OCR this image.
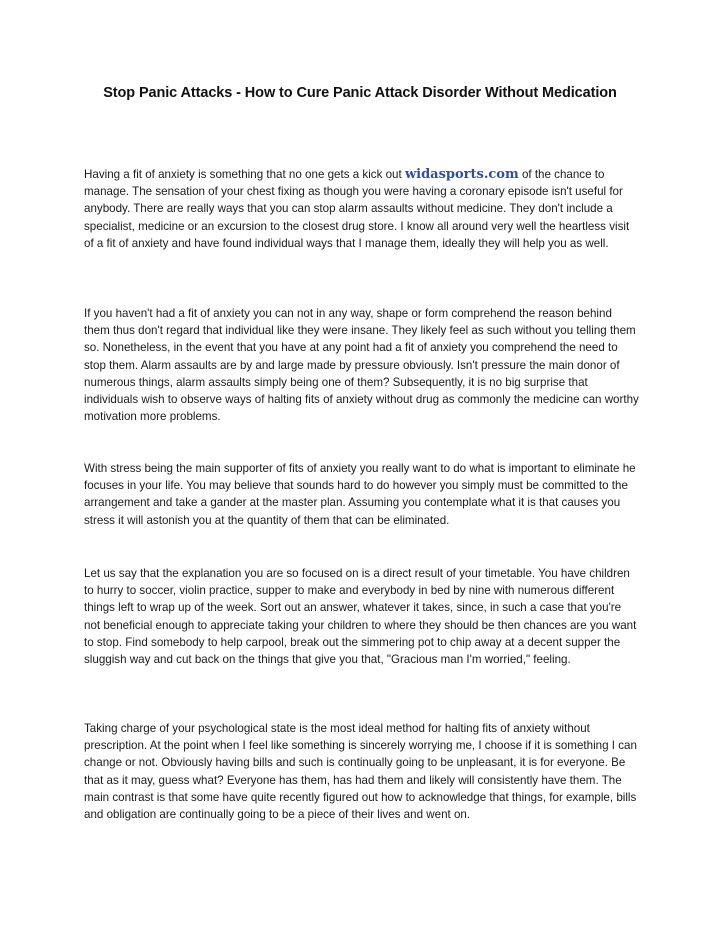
Stop Panic Attacks - How to Cure Panic Attack Disorder Without Medication

Having a fit of anxiety is something that no one gets a kick out widasports.com of the chance to manage. The sensation of your chest fixing as though you were having a coronary episode isn't useful for anybody. There are really ways that you can stop alarm assaults without medicine. They don't include a specialist, medicine or an excursion to the closest drug store. I know all around very well the heartless visit of a fit of anxiety and have found individual ways that I manage them, ideally they will help you as well.

If you haven't had a fit of anxiety you can not in any way, shape or form comprehend the reason behind them thus don't regard that individual like they were insane. They likely feel as such without you telling them so. Nonetheless, in the event that you have at any point had a fit of anxiety you comprehend the need to stop them. Alarm assaults are by and large made by pressure obviously. Isn't pressure the main donor of numerous things, alarm assaults simply being one of them? Subsequently, it is no big surprise that individuals wish to observe ways of halting fits of anxiety without drug as commonly the medicine can worthy motivation more problems.

With stress being the main supporter of fits of anxiety you really want to do what is important to eliminate he focuses in your life. You may believe that sounds hard to do however you simply must be committed to the arrangement and take a gander at the master plan. Assuming you contemplate what it is that causes you stress it will astonish you at the quantity of them that can be eliminated.

Let us say that the explanation you are so focused on is a direct result of your timetable. You have children to hurry to soccer, violin practice, supper to make and everybody in bed by nine with numerous different things left to wrap up of the week. Sort out an answer, whatever it takes, since, in such a case that you're not beneficial enough to appreciate taking your children to where they should be then chances are you want to stop. Find somebody to help carpool, break out the simmering pot to chip away at a decent supper the sluggish way and cut back on the things that give you that, "Gracious man I'm worried," feeling.

Taking charge of your psychological state is the most ideal method for halting fits of anxiety without prescription. At the point when I feel like something is sincerely worrying me, I choose if it is something I can change or not. Obviously having bills and such is continually going to be unpleasant, it is for everyone. Be that as it may, guess what? Everyone has them, has had them and likely will consistently have them. The main contrast is that some have quite recently figured out how to acknowledge that things, for example, bills and obligation are continually going to be a piece of their lives and went on.
